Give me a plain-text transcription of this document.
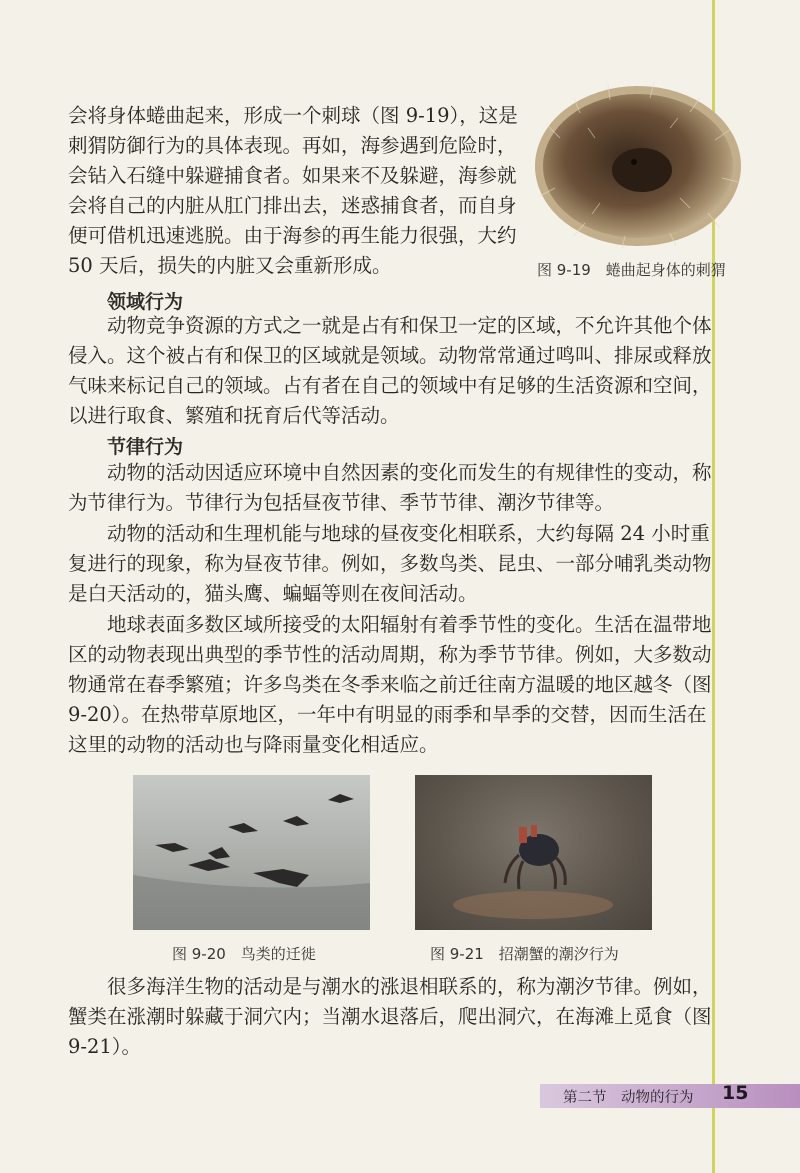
会将身体蜷曲起来，形成一个刺球（图 9-19），这是刺猬防御行为的具体表现。再如，海参遇到危险时，会钻入石缝中躲避捕食者。如果来不及躲避，海参就会将自己的内脏从肛门排出去，迷惑捕食者，而自身便可借机迅速逃脱。由于海参的再生能力很强，大约 50 天后，损失的内脏又会重新形成。	图 9-19　蜷曲起身体的刺猬

领域行为

动物竞争资源的方式之一就是占有和保卫一定的区域，不允许其他个体侵入。这个被占有和保卫的区域就是领域。动物常常通过鸣叫、排尿或释放气味来标记自己的领域。占有者在自己的领域中有足够的生活资源和空间，以进行取食、繁殖和抚育后代等活动。

节律行为

动物的活动因适应环境中自然因素的变化而发生的有规律性的变动，称为节律行为。节律行为包括昼夜节律、季节节律、潮汐节律等。

动物的活动和生理机能与地球的昼夜变化相联系，大约每隔 24 小时重复进行的现象，称为昼夜节律。例如，多数鸟类、昆虫、一部分哺乳类动物是白天活动的，猫头鹰、蝙蝠等则在夜间活动。

地球表面多数区域所接受的太阳辐射有着季节性的变化。生活在温带地区的动物表现出典型的季节性的活动周期，称为季节节律。例如，大多数动物通常在春季繁殖；许多鸟类在冬季来临之前迁往南方温暖的地区越冬（图 9-20）。在热带草原地区，一年中有明显的雨季和旱季的交替，因而生活在这里的动物的活动也与降雨量变化相适应。

图 9-20　鸟类的迁徙	图 9-21　招潮蟹的潮汐行为

很多海洋生物的活动是与潮水的涨退相联系的，称为潮汐节律。例如，蟹类在涨潮时躲藏于洞穴内；当潮水退落后，爬出洞穴，在海滩上觅食（图 9-21）。

第二节　动物的行为 15
